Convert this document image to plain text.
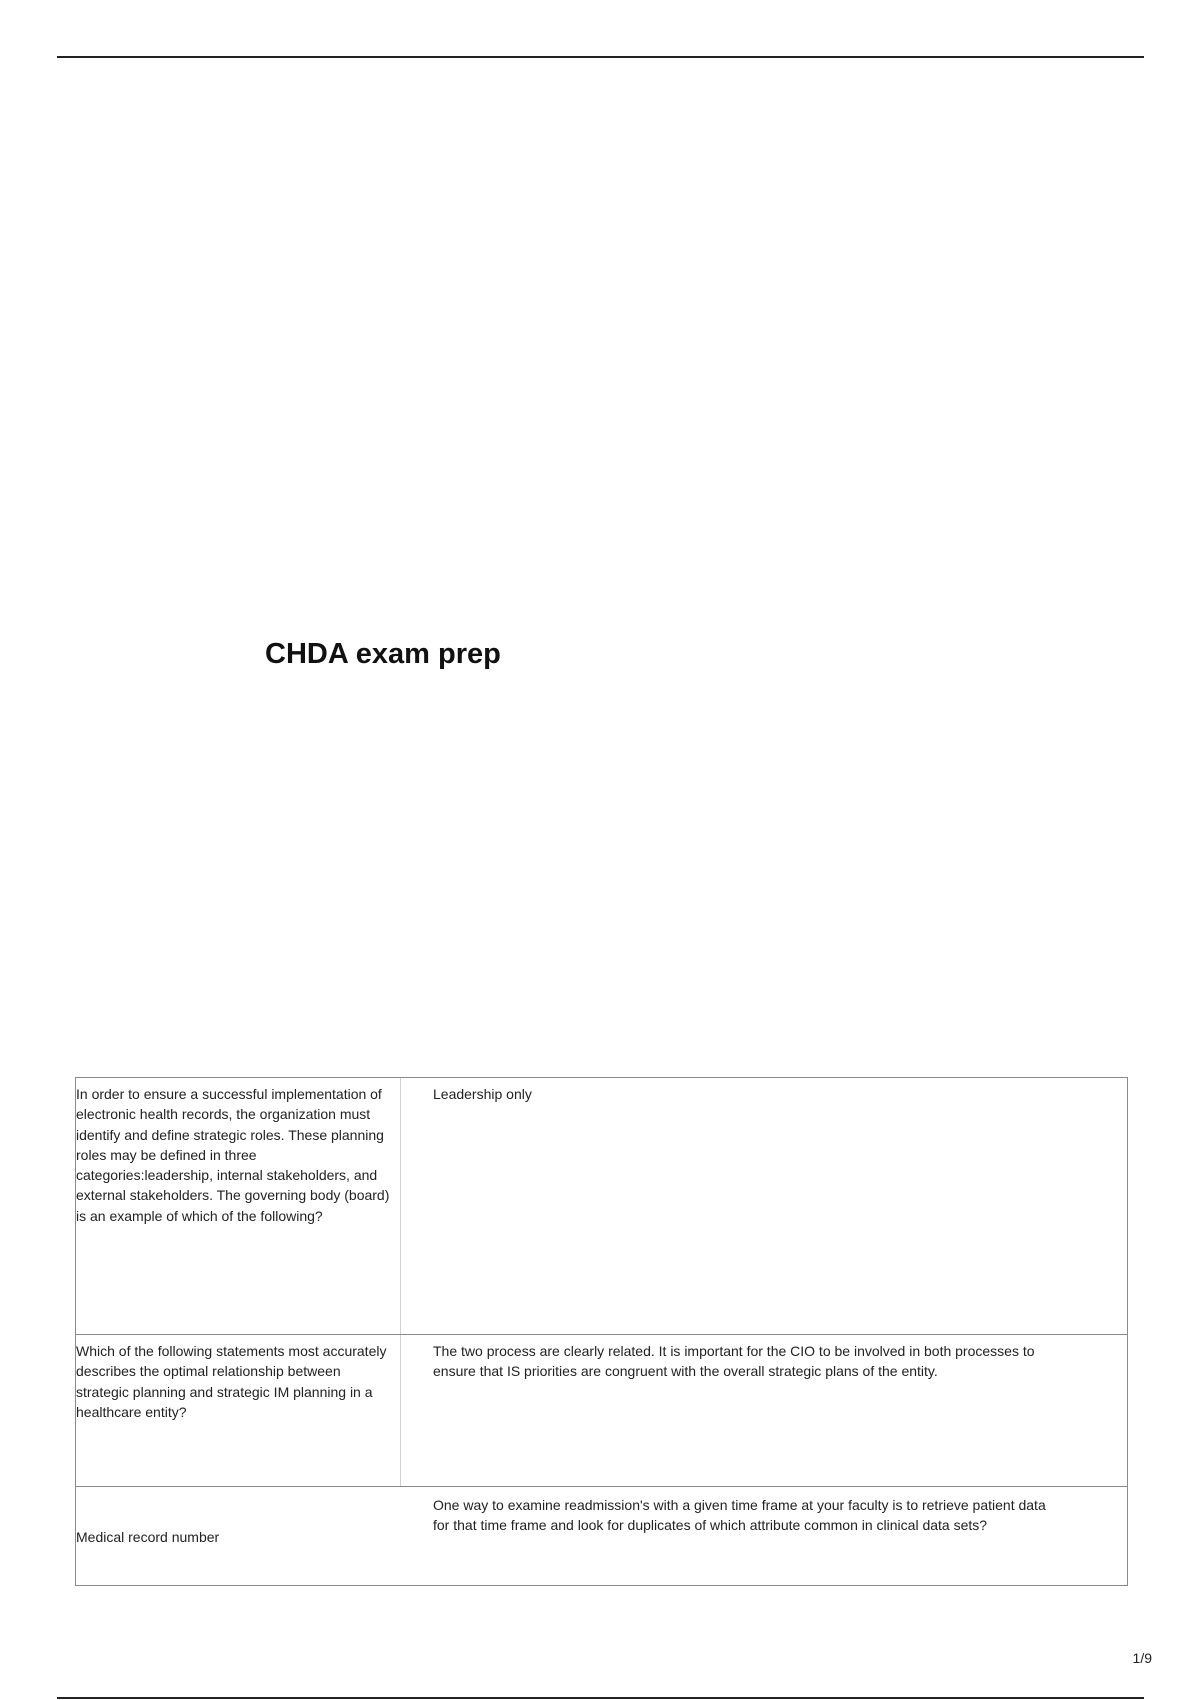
CHDA exam prep
In order to ensure a successful implementation of electronic health records, the organization must identify and define strategic roles. These planning roles may be defined in three categories:leadership, internal stakeholders, and external stakeholders. The governing body (board) is an example of which of the following?
Leadership only
Which of the following statements most accurately describes the optimal relationship between strategic planning and strategic IM planning in a healthcare entity?
The two process are clearly related. It is important for the CIO to be involved in both processes to ensure that IS priorities are congruent with the overall strategic plans of the entity.
Medical record number
One way to examine readmission's with a given time frame at your faculty is to retrieve patient data for that time frame and look for duplicates of which attribute common in clinical data sets?
1/9
